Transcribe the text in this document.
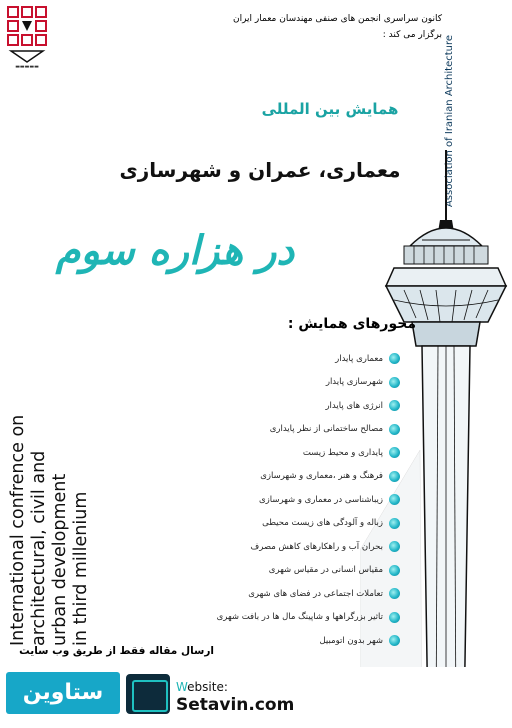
▬▬▬▬▬
کانون سراسری انجمن های صنفی مهندسان معمار ایران
برگزار می کند : Association of Iranian Architecture
همایش بین المللی
معماری، عمران و شهرسازی
در هزاره سوم
محورهای همایش :
معماری پایدار
شهرسازی پایدار
انرژی های پایدار
مصالح ساختمانی از نظر پایداری
پایداری و محیط زیست
فرهنگ و هنر ،معماری و شهرسازی
زیباشناسی در معماری و شهرسازی
زباله و آلودگی های زیست محیطی
بحران آب و راهکارهای کاهش مصرف
مقیاس انسانی در مقیاس شهری
تعاملات اجتماعی در فضای های شهری
تاثیر بزرگراهها و شاپینگ مال ها در بافت شهری
شهر بدون اتومبیل
International confrence on
architectural, civil and
urban development
in third millenium
ارسال مقاله فقط از طریق وب سایت
ستاوین	Website:
Setavin.com
